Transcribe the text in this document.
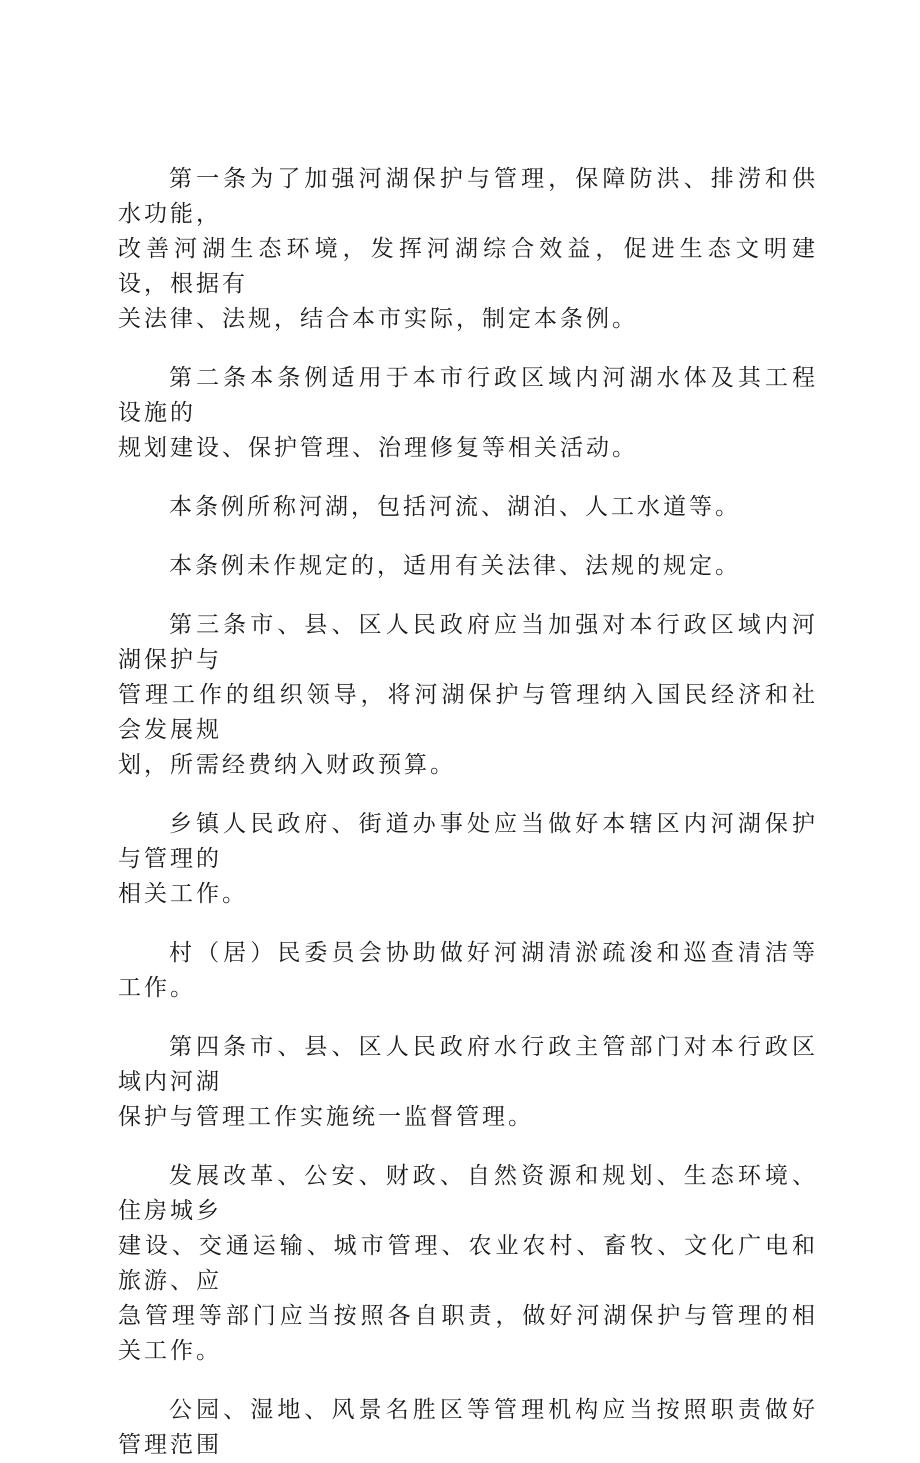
第一条为了加强河湖保护与管理，保障防洪、排涝和供水功能，
改善河湖生态环境，发挥河湖综合效益，促进生态文明建设，根据有
关法律、法规，结合本市实际，制定本条例。

第二条本条例适用于本市行政区域内河湖水体及其工程设施的
规划建设、保护管理、治理修复等相关活动。

本条例所称河湖，包括河流、湖泊、人工水道等。

本条例未作规定的，适用有关法律、法规的规定。

第三条市、县、区人民政府应当加强对本行政区域内河湖保护与
管理工作的组织领导，将河湖保护与管理纳入国民经济和社会发展规
划，所需经费纳入财政预算。

乡镇人民政府、街道办事处应当做好本辖区内河湖保护与管理的
相关工作。

村（居）民委员会协助做好河湖清淤疏浚和巡查清洁等工作。

第四条市、县、区人民政府水行政主管部门对本行政区域内河湖
保护与管理工作实施统一监督管理。

发展改革、公安、财政、自然资源和规划、生态环境、住房城乡
建设、交通运输、城市管理、农业农村、畜牧、文化广电和旅游、应
急管理等部门应当按照各自职责，做好河湖保护与管理的相关工作。

公园、湿地、风景名胜区等管理机构应当按照职责做好管理范围
